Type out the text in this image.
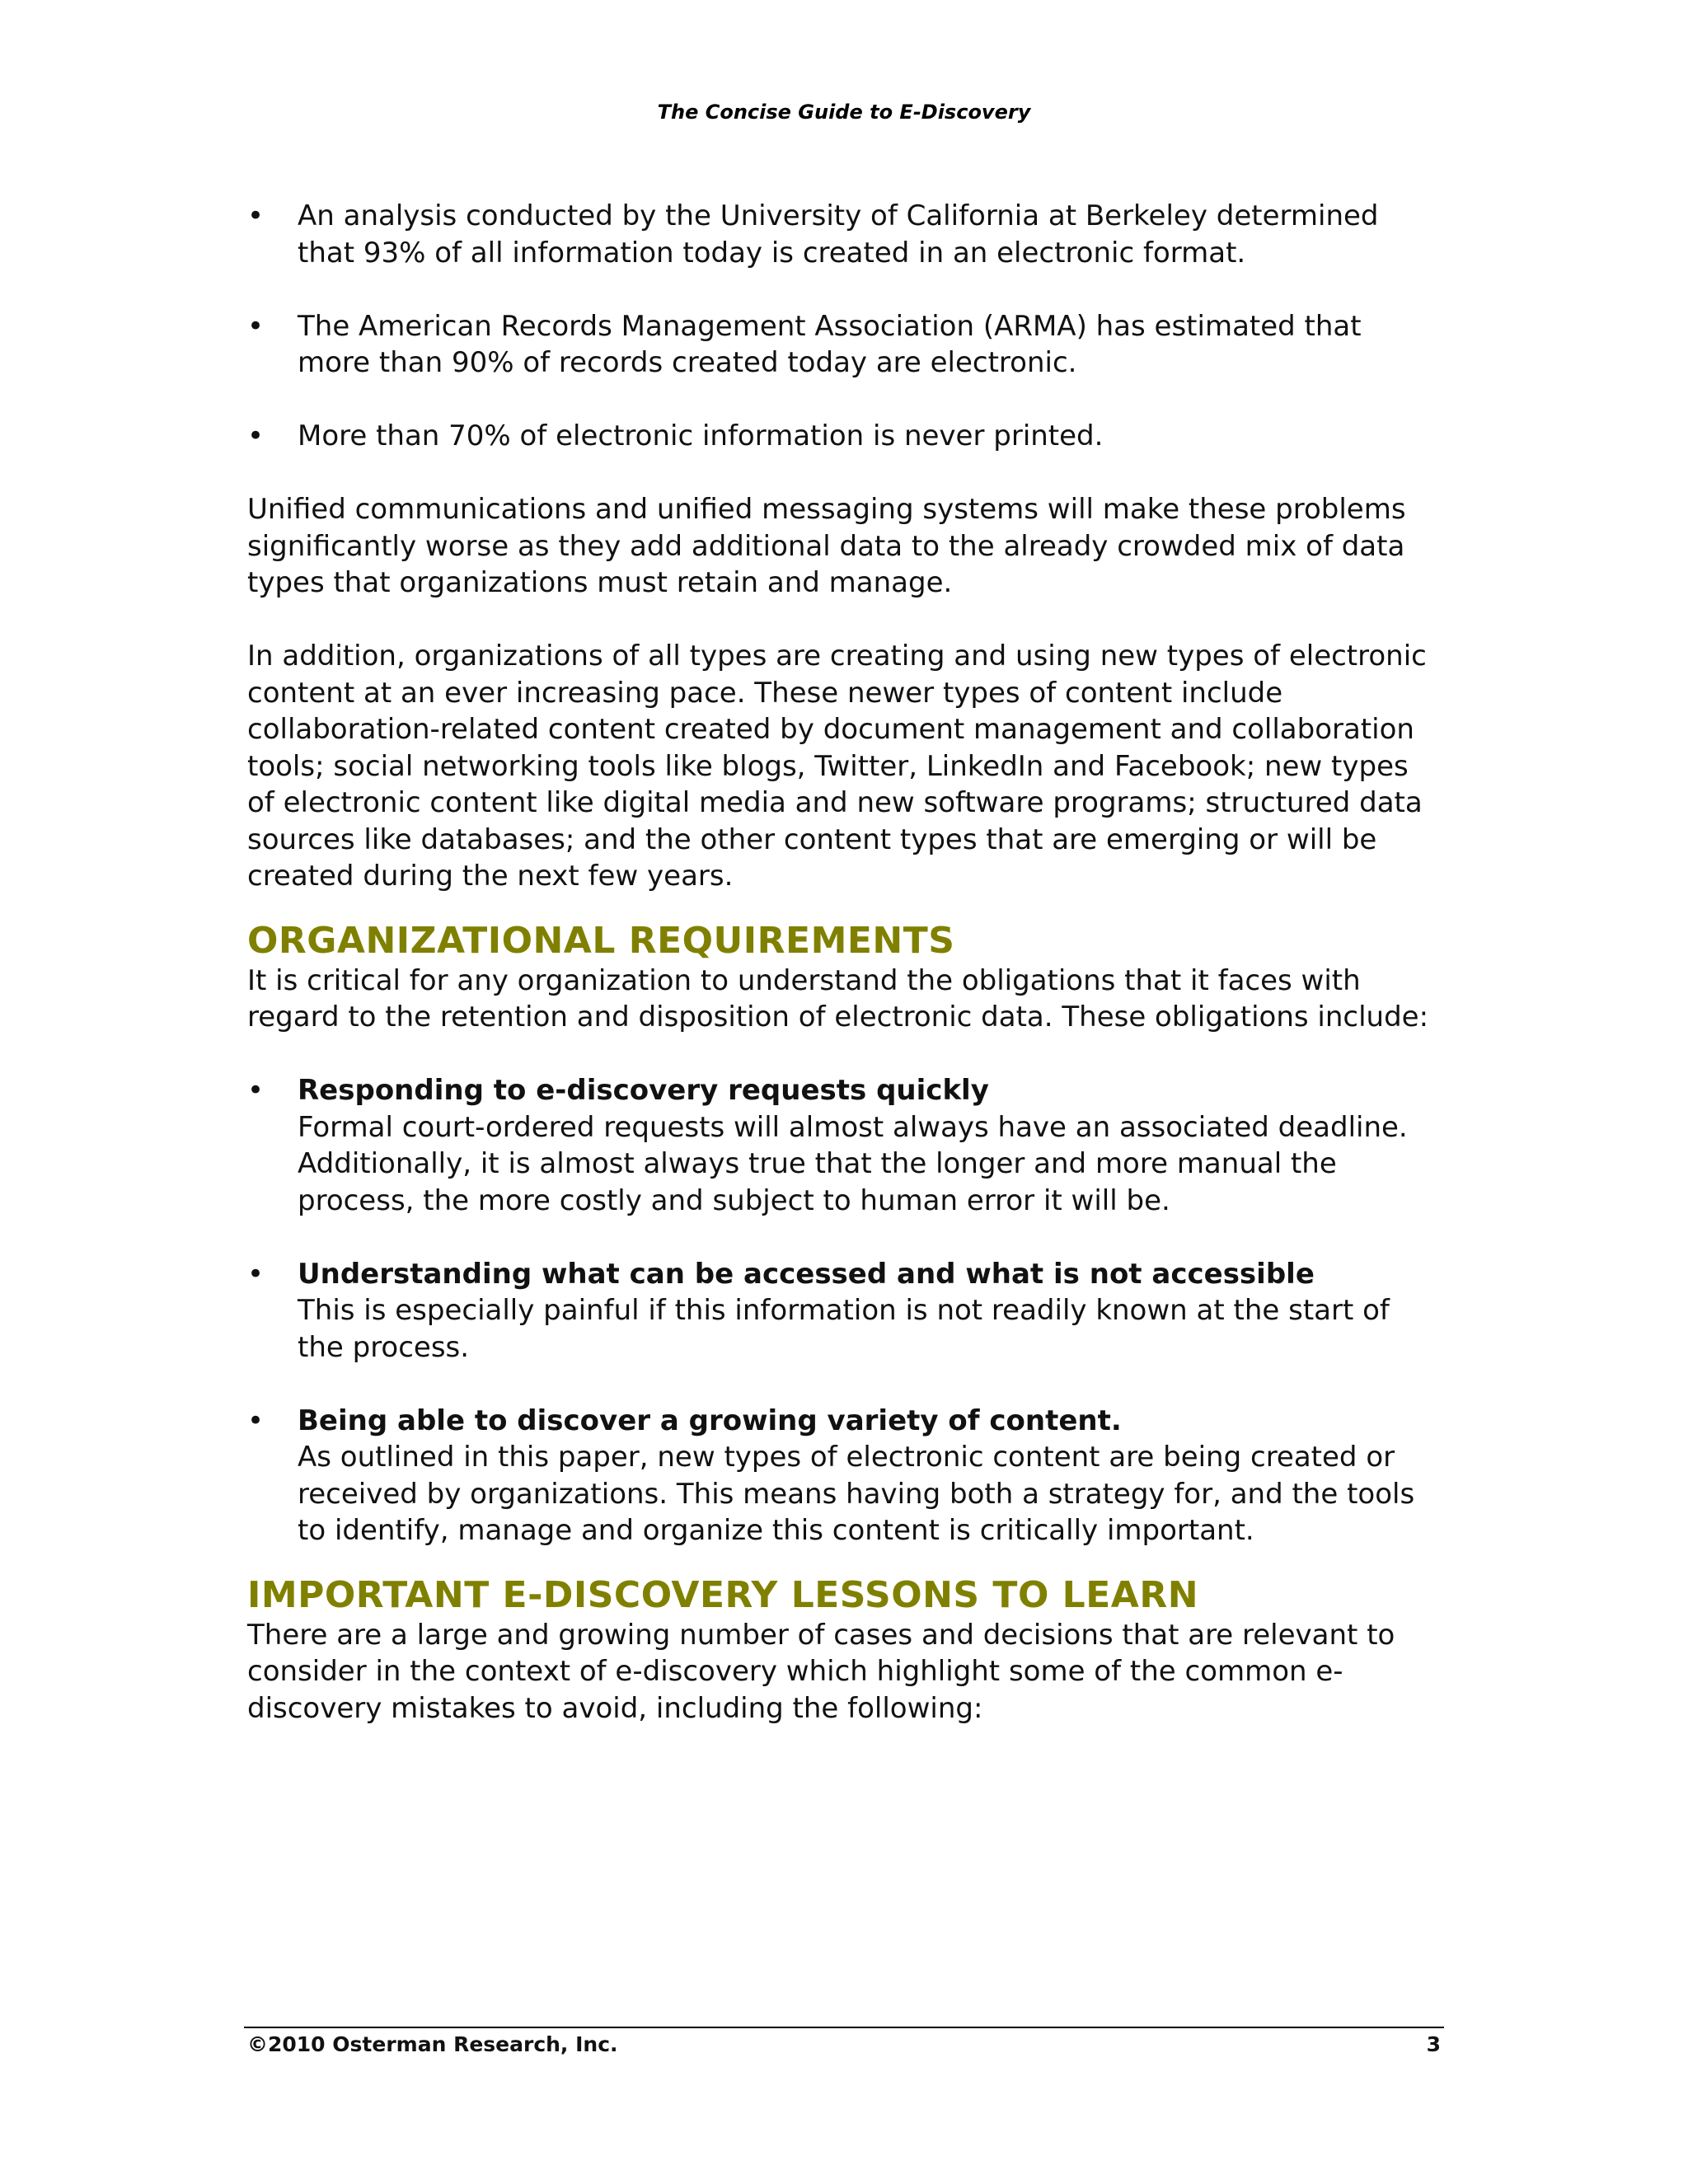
The Concise Guide to E-Discovery
• An analysis conducted by the University of California at Berkeley determined that 93% of all information today is created in an electronic format.
• The American Records Management Association (ARMA) has estimated that more than 90% of records created today are electronic.
• More than 70% of electronic information is never printed.

Unified communications and unified messaging systems will make these problems significantly worse as they add additional data to the already crowded mix of data types that organizations must retain and manage.

In addition, organizations of all types are creating and using new types of electronic content at an ever increasing pace. These newer types of content include collaboration-related content created by document management and collaboration tools; social networking tools like blogs, Twitter, LinkedIn and Facebook; new types of electronic content like digital media and new software programs; structured data sources like databases; and the other content types that are emerging or will be created during the next few years.

ORGANIZATIONAL REQUIREMENTS

It is critical for any organization to understand the obligations that it faces with regard to the retention and disposition of electronic data. These obligations include:

• Responding to e-discovery requests quickly
Formal court-ordered requests will almost always have an associated deadline. Additionally, it is almost always true that the longer and more manual the process, the more costly and subject to human error it will be.
• Understanding what can be accessed and what is not accessible
This is especially painful if this information is not readily known at the start of the process.
• Being able to discover a growing variety of content.
As outlined in this paper, new types of electronic content are being created or received by organizations. This means having both a strategy for, and the tools to identify, manage and organize this content is critically important.
IMPORTANT E-DISCOVERY LESSONS TO LEARN

There are a large and growing number of cases and decisions that are relevant to consider in the context of e-discovery which highlight some of the common e-discovery mistakes to avoid, including the following:

©2010 Osterman Research, Inc.	3
